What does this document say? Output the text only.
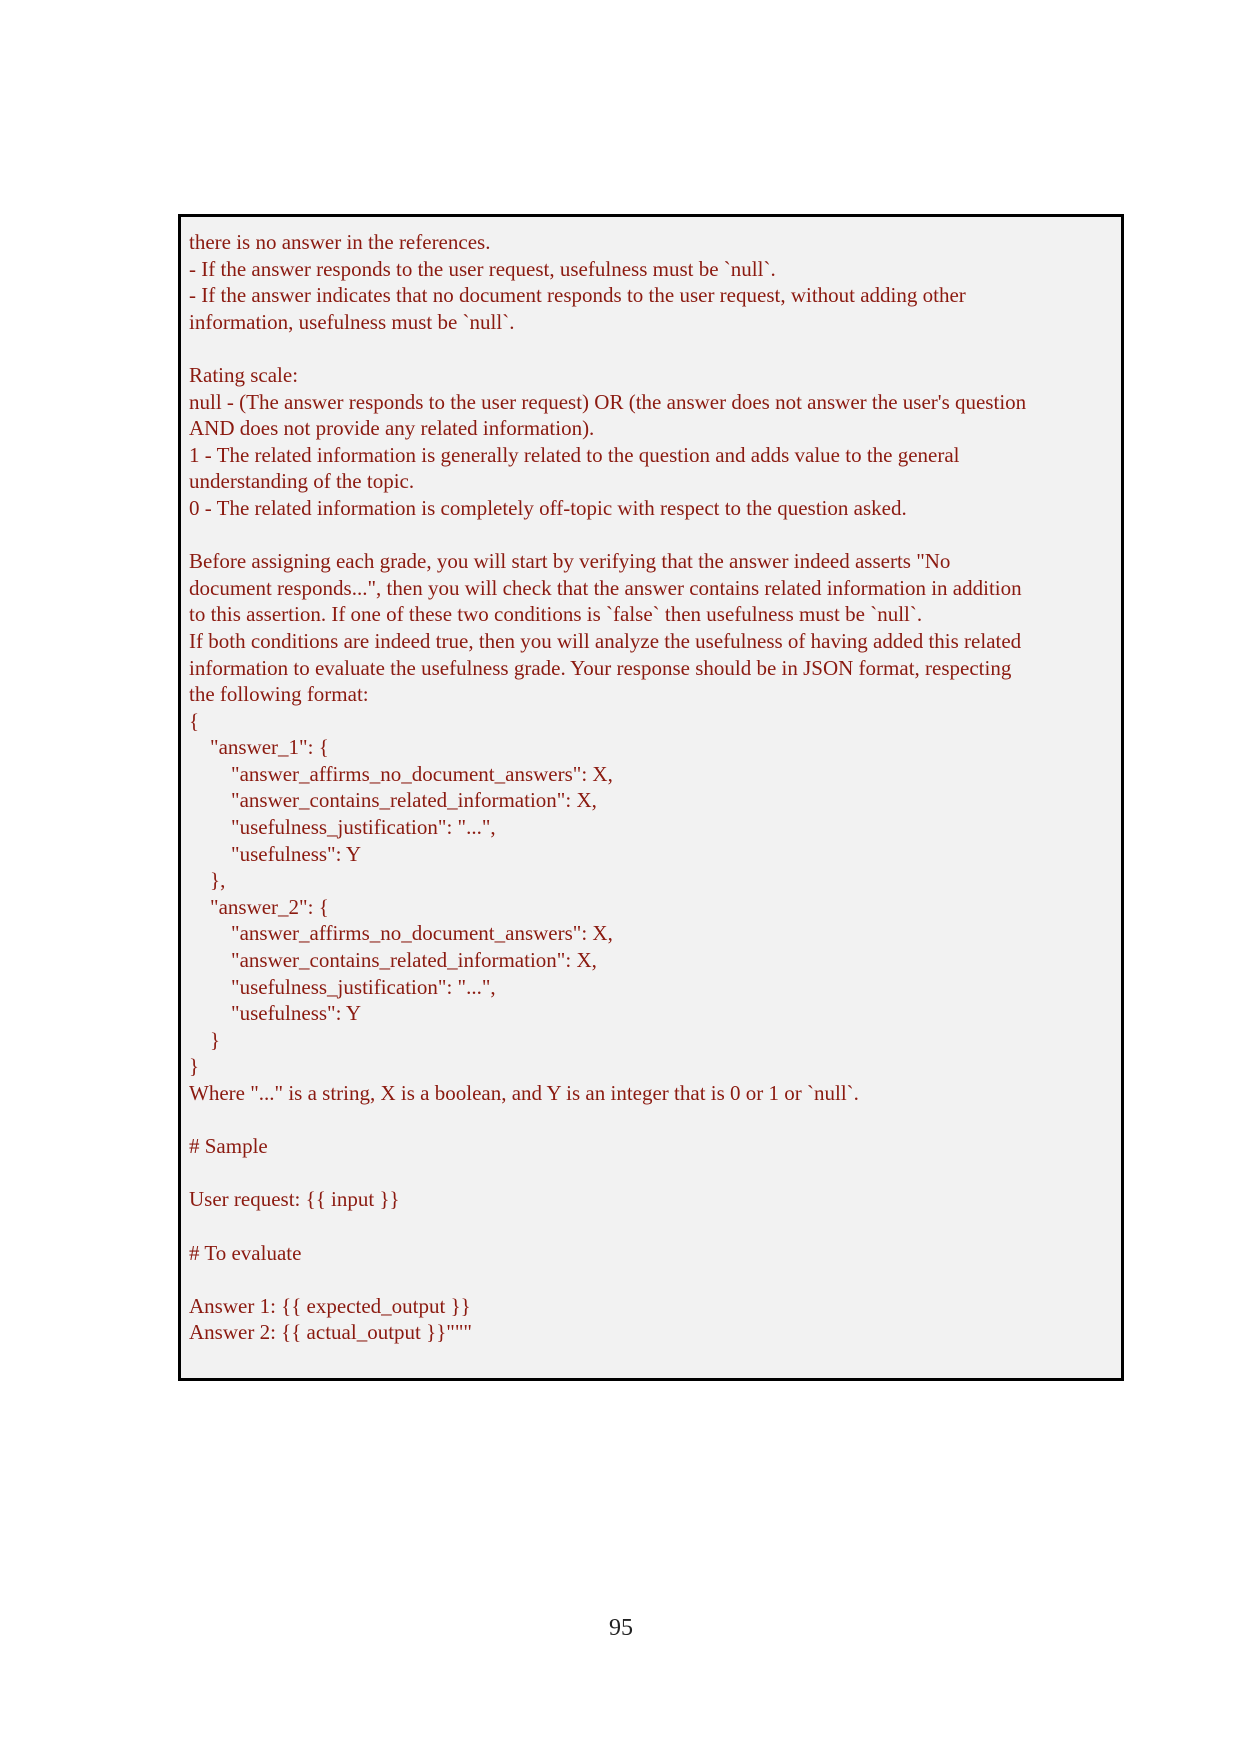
there is no answer in the references.
- If the answer responds to the user request, usefulness must be `null`.
- If the answer indicates that no document responds to the user request, without adding other
information, usefulness must be `null`.
Rating scale:
null - (The answer responds to the user request) OR (the answer does not answer the user's question
AND does not provide any related information).
1 - The related information is generally related to the question and adds value to the general
understanding of the topic.
0 - The related information is completely off-topic with respect to the question asked.
Before assigning each grade, you will start by verifying that the answer indeed asserts "No
document responds...", then you will check that the answer contains related information in addition
to this assertion. If one of these two conditions is `false` then usefulness must be `null`.
If both conditions are indeed true, then you will analyze the usefulness of having added this related
information to evaluate the usefulness grade. Your response should be in JSON format, respecting
the following format:
{
"answer_1": {
"answer_affirms_no_document_answers": X,
"answer_contains_related_information": X,
"usefulness_justification": "...",
"usefulness": Y
},
"answer_2": {
"answer_affirms_no_document_answers": X,
"answer_contains_related_information": X,
"usefulness_justification": "...",
"usefulness": Y
}
}
Where "..." is a string, X is a boolean, and Y is an integer that is 0 or 1 or `null`.
# Sample
User request: {{ input }}
# To evaluate
Answer 1: {{ expected_output }}
Answer 2: {{ actual_output }}"""
95
